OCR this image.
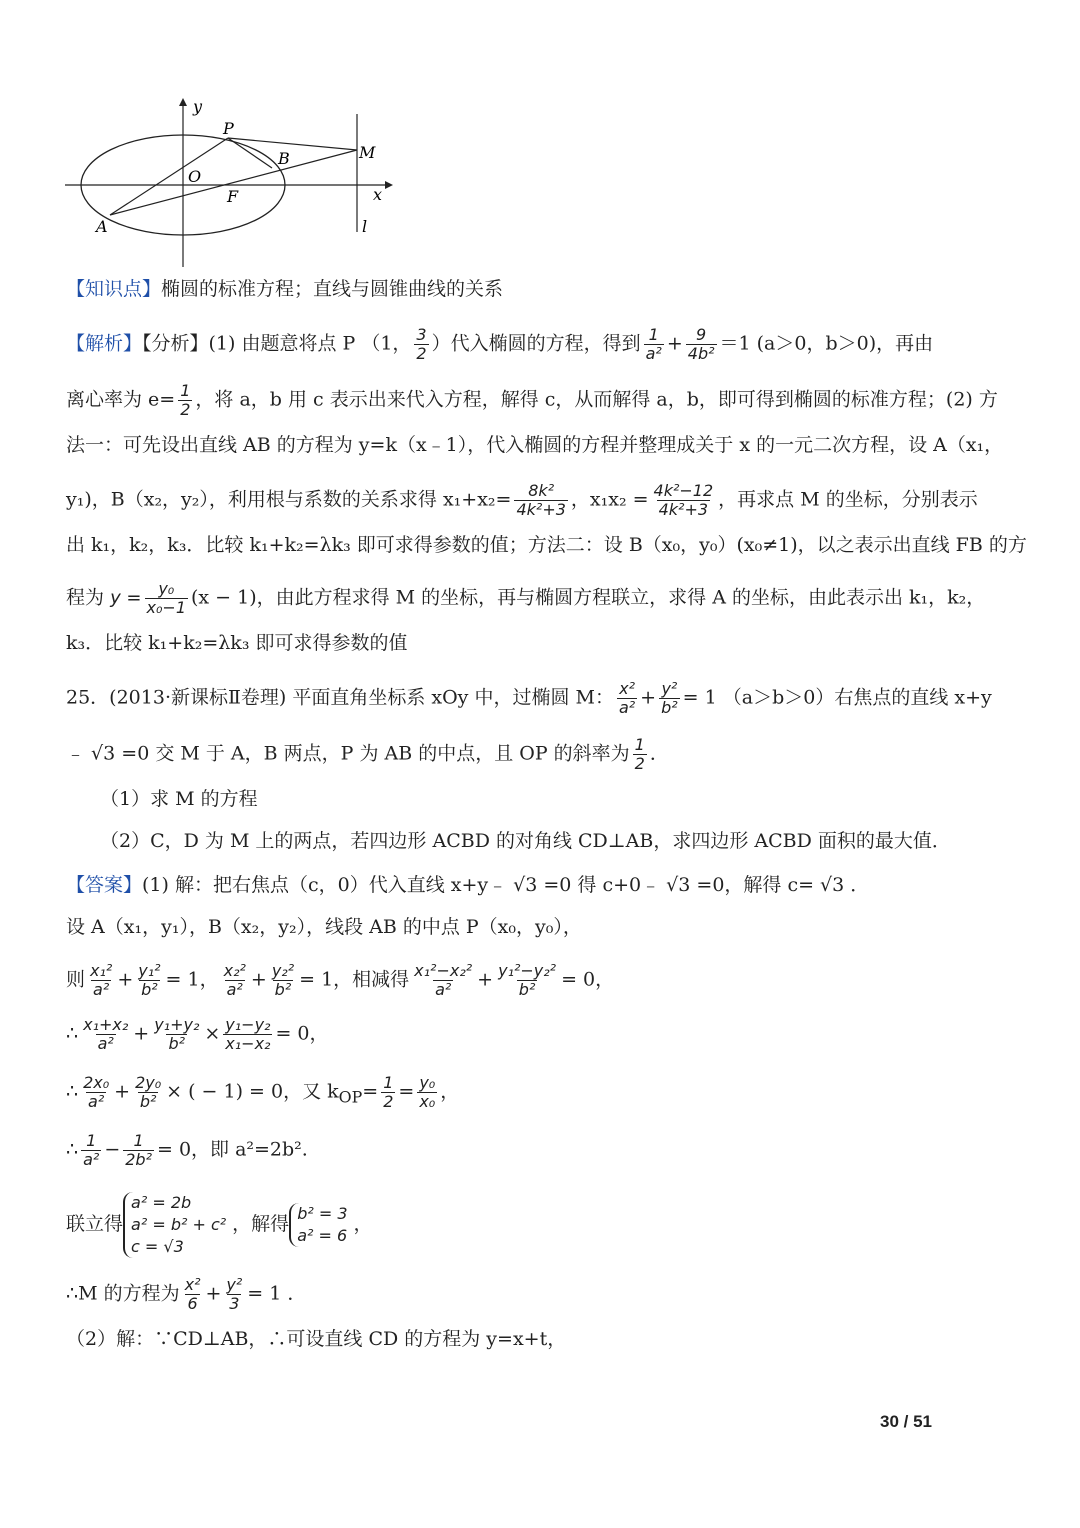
y
P
M
O
B
F	x
A	l
【知识点】椭圆的标准方程；直线与圆锥曲线的关系
【解析】【分析】(1) 由题意将点 P （1， $\frac{3}{2}$ ）代入椭圆的方程，得到 $\frac{1}{\text{a²}} + \frac{9}{\text{4b²}} =1$ (a＞0，b＞0)，再由
离心率为 $e= \frac{1}{2}$ ，将 a，b 用 c 表示出来代入方程，解得 c，从而解得 a，b，即可得到椭圆的标准方程；(2) 方
法一：可先设出直线 AB 的方程为 y=k（x﹣1），代入椭圆的方程并整理成关于 x 的一元二次方程，设 A（x₁，
y₁)，B（x₂，y₂），利用根与系数的关系求得 $x_1+x_2= \frac{\text{8k²}}{\text{4k²+3}}$ ，$x_1x_2 = \frac{\text{4k²−12}}{\text{4k²+3}}$ ，再求点 M 的坐标，分别表示
出 k₁，k₂，k₃．比较 k₁+k₂=λk₃ 即可求得参数的值；方法二：设 B（x₀，y₀）(x₀≠1)，以之表示出直线 FB 的方
程为 $y = \frac{\text{y₀}}{\text{x₀−1}} (x - 1)$，由此方程求得 M 的坐标，再与椭圆方程联立，求得 A 的坐标，由此表示出 k₁，k₂，
k₃．比较 k₁+k₂=λk₃ 即可求得参数的值
25．(2013·新课标Ⅱ卷理) 平面直角坐标系 xOy 中，过椭圆 M： $\frac{\text{x²}}{\text{a²}} + \frac{\text{y²}}{\text{b²}} = 1$ （a＞b＞0）右焦点的直线 x+y
﹣ √3 =0 交 M 于 A，B 两点，P 为 AB 的中点，且 OP 的斜率为 $\frac{1}{2}$ ．
（1）求 M 的方程
（2）C，D 为 M 上的两点，若四边形 ACBD 的对角线 CD⊥AB，求四边形 ACBD 面积的最大值．
【答案】(1) 解：把右焦点（c，0）代入直线 x+y﹣ √3 =0 得 c+0﹣ √3 =0，解得 c= √3 ．
设 A（x₁，y₁），B（x₂，y₂），线段 AB 的中点 P（x₀，y₀），
则 $\frac{\text{x₁²}}{\text{a²}} + \frac{\text{y₁²}}{\text{b²}} = 1$， $\frac{\text{x₂²}}{\text{a²}} + \frac{\text{y₂²}}{\text{b²}} = 1$，相减得 $\frac{\text{x₁²−x₂²}}{\text{a²}} + \frac{\text{y₁²−y₂²}}{\text{b²}} = 0$，
∴ $\frac{\text{x₁+x₂}}{\text{a²}} + \frac{\text{y₁+y₂}}{\text{b²}} \times \frac{\text{y₁−y₂}}{\text{x₁−x₂}} = 0$，
∴ $\frac{\text{2x₀}}{\text{a²}} + \frac{\text{2y₀}}{\text{b²}}$ × ( − 1) = 0，又 $k_{OP}= \frac{1}{2} = \frac{\text{y₀}}{\text{x₀}}$ ，
∴ $\frac{1}{\text{a²}} - \frac{1}{\text{2b²}} = 0$，即 a²=2b².
联立得
a² = 2b
a² = b² + c²
c = √3
，解得 b² = 3
a² = 6
，
∴M 的方程为 $\frac{\text{x²}}{6} + \frac{\text{y²}}{3} = 1$ ．
（2）解：∵CD⊥AB，∴可设直线 CD 的方程为 y=x+t，
30 / 51
